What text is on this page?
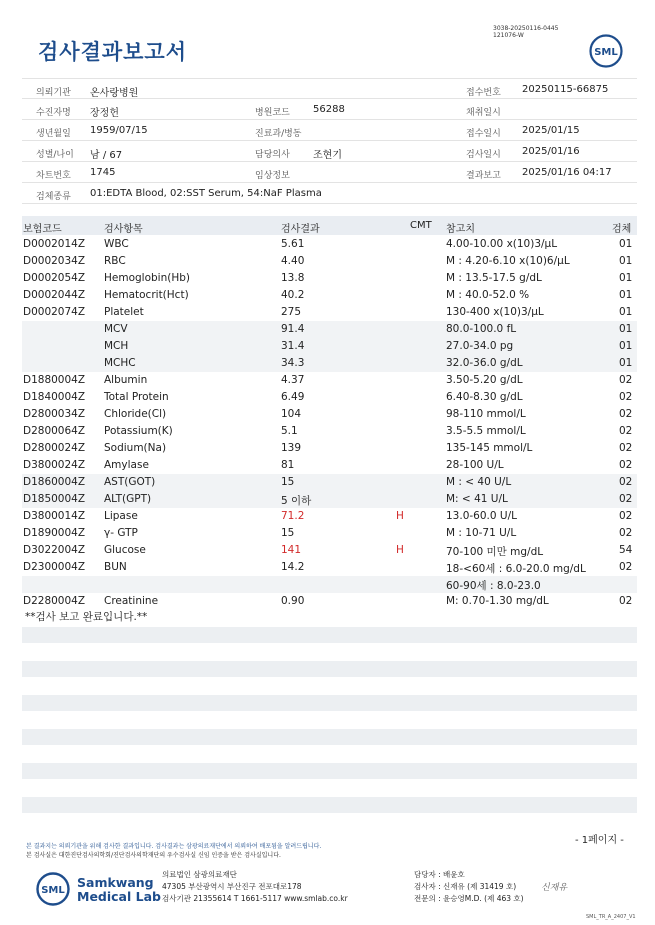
검사결과보고서
3038-20250116-0445
121076-W
SML
의뢰기관 온사랑병원	접수번호 20250115-66875
수진자명 장정헌	병원코드 56288	채취일시
생년월일 1959/07/15	진료과/병동	접수일시 2025/01/15
성별/나이 남 / 67	담당의사 조현기	검사일시 2025/01/16
차트번호 1745	임상정보	결과보고 2025/01/16 04:17
검체종류 01:EDTA Blood, 02:SST Serum, 54:NaF Plasma
보험코드	검사항목	검사결과	CMT 참고치	검체
D0002014Z WBC	5.61	4.00-10.00 x(10)3/μL	01
D0002034Z RBC	4.40	M : 4.20-6.10 x(10)6/μL	01
D0002054Z Hemoglobin(Hb)	13.8	M : 13.5-17.5 g/dL	01
D0002044Z Hematocrit(Hct)	40.2	M : 40.0-52.0 %	01
D0002074Z Platelet	275	130-400 x(10)3/μL	01
MCV	91.4	80.0-100.0 fL	01
MCH	31.4	27.0-34.0 pg	01
MCHC	34.3	32.0-36.0 g/dL	01
D1880004Z Albumin	4.37	3.50-5.20 g/dL	02
D1840004Z Total Protein	6.49	6.40-8.30 g/dL	02
D2800034Z Chloride(Cl)	104	98-110 mmol/L	02
D2800064Z Potassium(K)	5.1	3.5-5.5 mmol/L	02
D2800024Z Sodium(Na)	139	135-145 mmol/L	02
D3800024Z Amylase	81	28-100 U/L	02
D1860004Z AST(GOT)	15	M : < 40 U/L	02
D1850004Z ALT(GPT)	5 이하	M: < 41 U/L	02
D3800014Z Lipase	71.2	H	13.0-60.0 U/L	02
D1890004Z γ- GTP	15	M : 10-71 U/L	02
D3022004Z Glucose	141	H	70-100 미만 mg/dL	54
D2300004Z BUN	14.2	18-<60세 : 6.0-20.0 mg/dL	02
60-90세 : 8.0-23.0
D2280004Z Creatinine	0.90	M: 0.70-1.30 mg/dL	02
**검사 보고 완료입니다.**
- 1페이지 -
본 결과지는 의뢰기관을 위해 검사한 결과입니다. 검사결과는 삼광의료재단에서 의뢰하여 배포됨을 알려드립니다.
본 검사실은 대한진단검사의학회/진단검사의학재단의 우수검사실 신임 인증을 받은 검사실입니다.
SML
Samkwang
Medical Lab
의료법인 삼광의료재단
47305 부산광역시 부산진구 전포대로178
검사기관 21355614 T 1661-5117 www.smlab.co.kr
담당자 : 배윤호
검사자 : 신재유 (제 31419 호)
전문의 : 윤승영M.D. (제 463 호)
신재유
SML_TR_A_2407_V1
